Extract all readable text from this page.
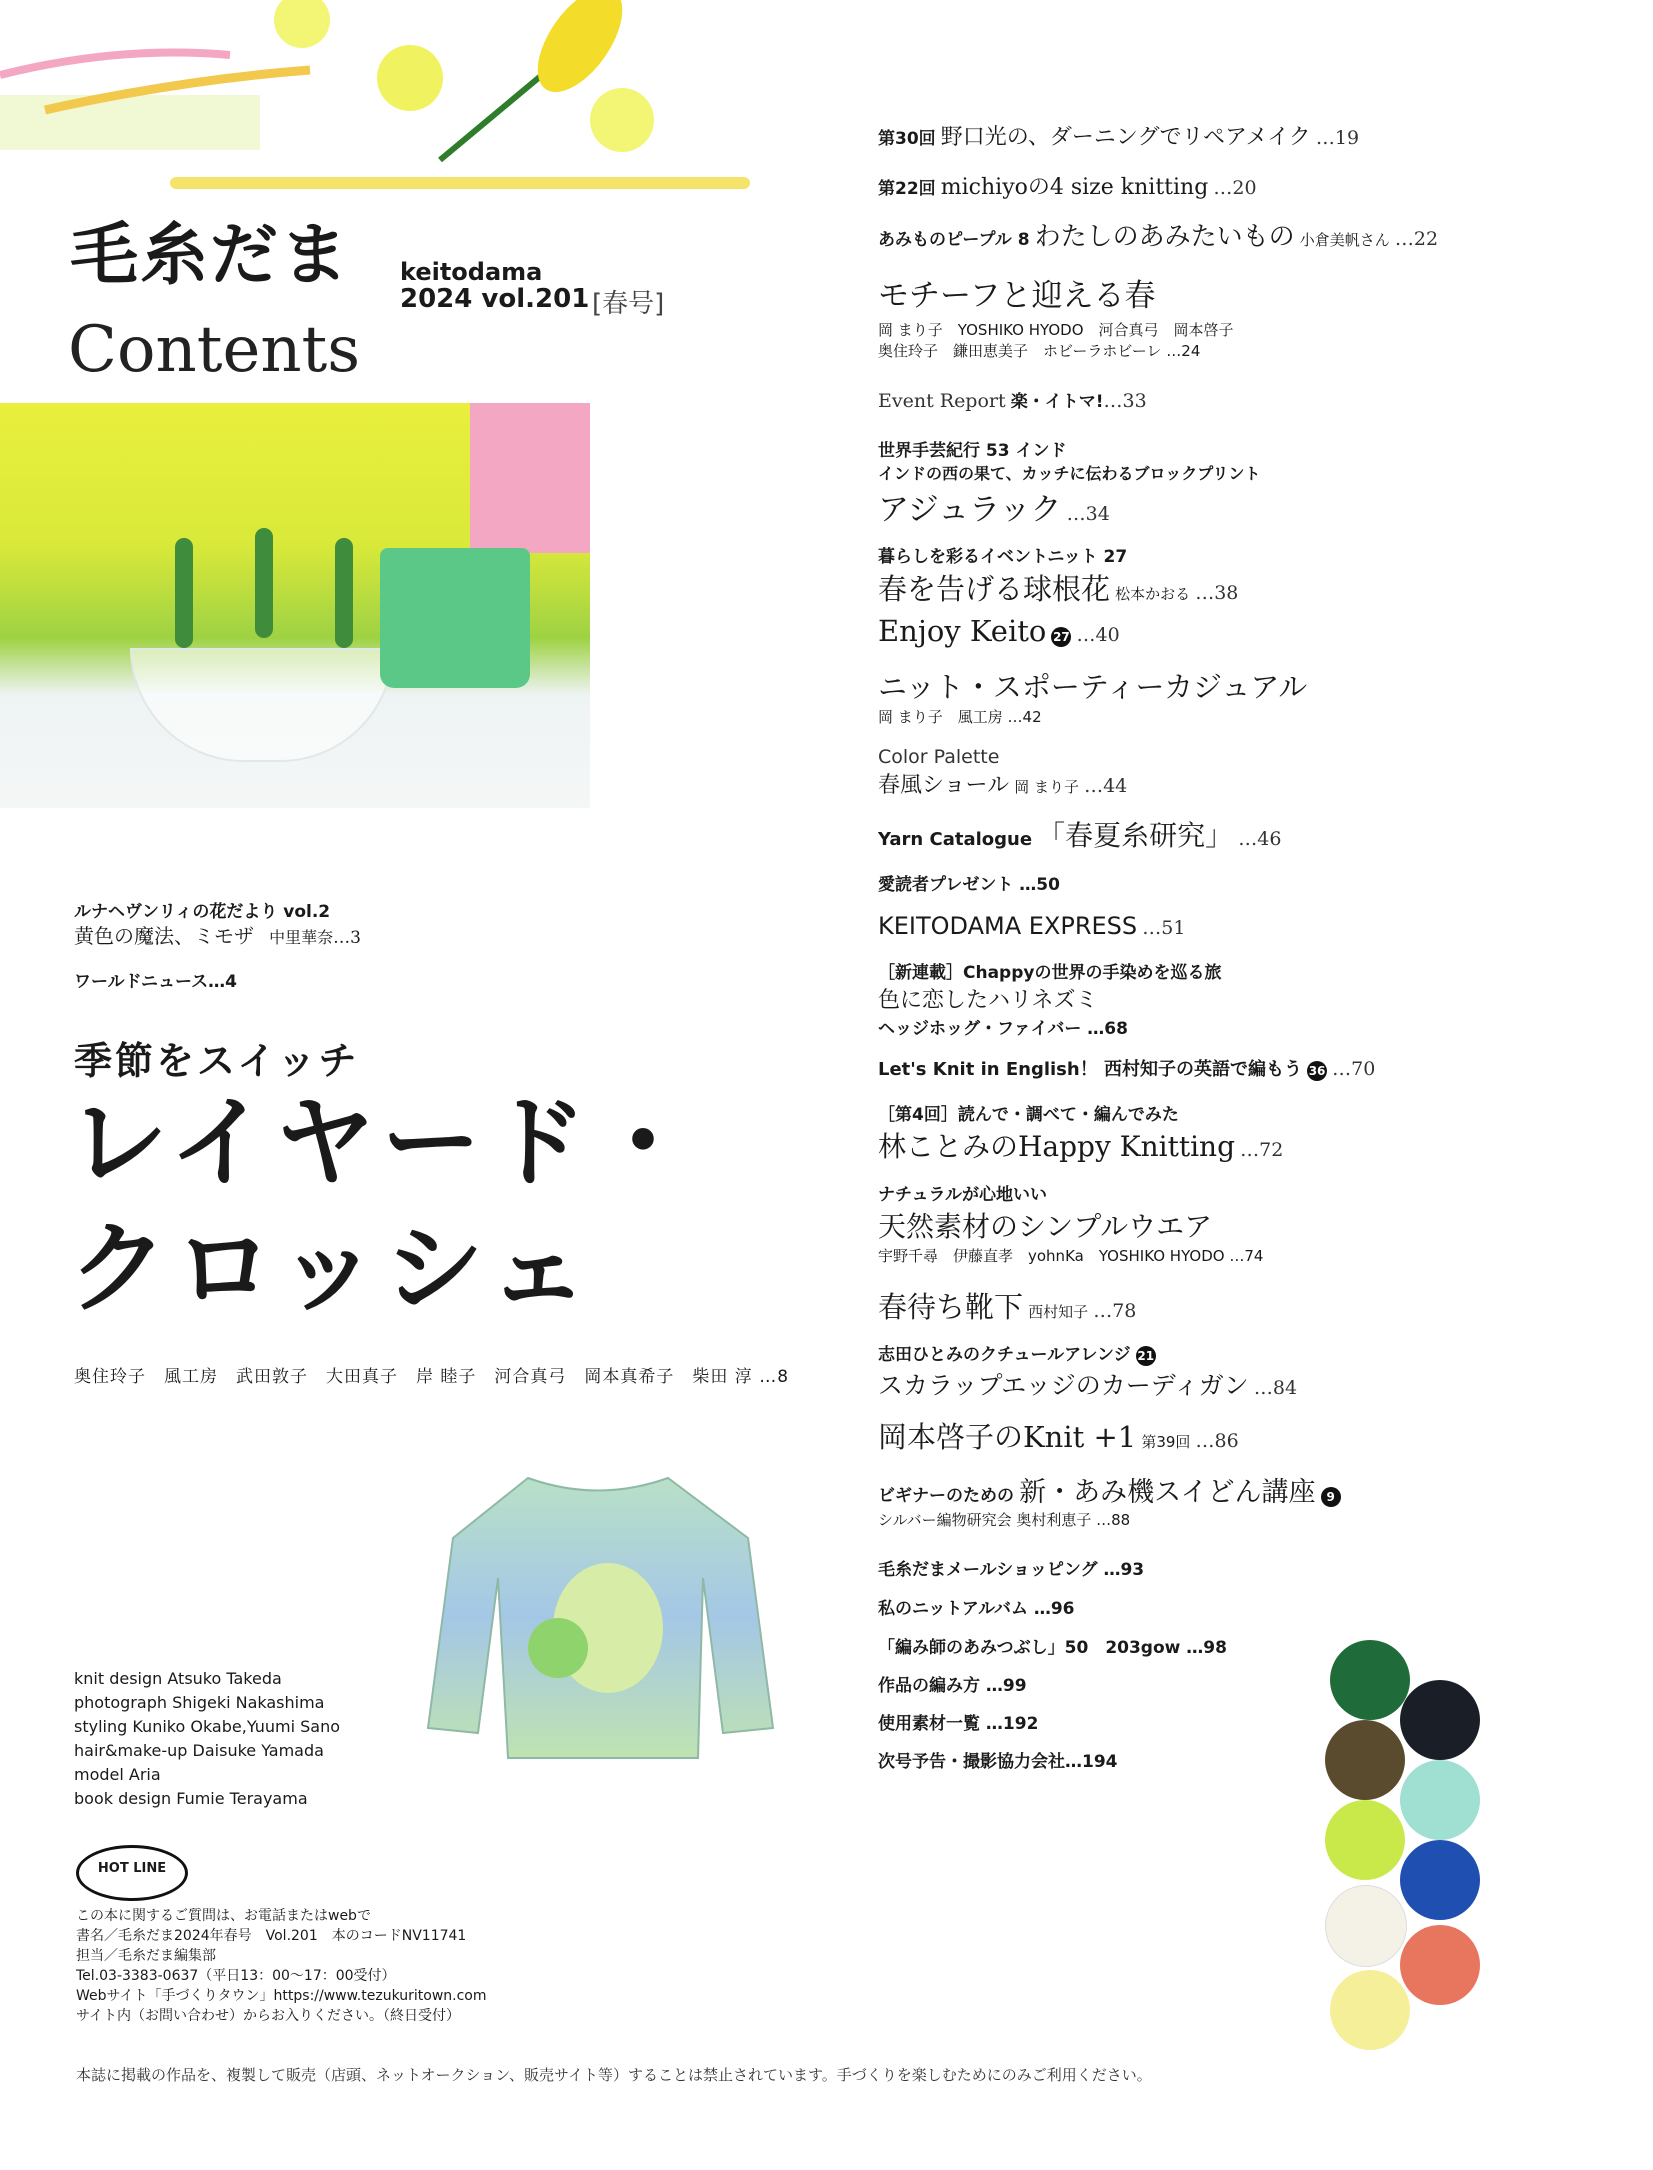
毛糸だま keitodama
2024 vol.201 [春号]
Contents
ルナヘヴンリィの花だより vol.2
黄色の魔法、ミモザ 中里華奈…3
ワールドニュース…4
季節をスイッチ
レイヤード・
クロッシェ
奥住玲子　風工房　武田敦子　大田真子　岸 睦子　河合真弓　岡本真希子　柴田 淳 …8
knit design Atsuko Takeda
photograph Shigeki Nakashima
styling Kuniko Okabe,Yuumi Sano
hair&make-up Daisuke Yamada
model Aria
book design Fumie Terayama
HOT LINE
この本に関するご質問は、お電話またはwebで
書名／毛糸だま2024年春号　Vol.201　本のコードNV11741
担当／毛糸だま編集部
Tel.03-3383-0637（平日13：00～17：00受付）
Webサイト「手づくりタウン」https://www.tezukuritown.com
サイト内（お問い合わせ）からお入りください。（終日受付）
本誌に掲載の作品を、複製して販売（店頭、ネットオークション、販売サイト等）することは禁止されています。手づくりを楽しむためにのみご利用ください。
第30回 野口光の、ダーニングでリペアメイク …19
第22回 michiyoの4 size knitting …20
あみものピープル 8 わたしのあみたいもの 小倉美帆さん …22
モチーフと迎える春
岡 まり子　YOSHIKO HYODO　河合真弓　岡本啓子
奥住玲子　鎌田恵美子　ホビーラホビーレ …24
Event Report 楽・イトマ!…33
世界手芸紀行 53 インド
インドの西の果て、カッチに伝わるブロックプリント
アジュラック …34
暮らしを彩るイベントニット 27
春を告げる球根花 松本かおる …38
Enjoy Keito 27 …40
ニット・スポーティーカジュアル
岡 まり子　風工房 …42
Color Palette
春風ショール 岡 まり子 …44
Yarn Catalogue 「春夏糸研究」 …46
愛読者プレゼント …50
KEITODAMA EXPRESS …51
［新連載］Chappyの世界の手染めを巡る旅
色に恋したハリネズミ
ヘッジホッグ・ファイバー …68
Let's Knit in English！ 西村知子の英語で編もう 36 …70
［第4回］読んで・調べて・編んでみた
林ことみのHappy Knitting …72
ナチュラルが心地いい
天然素材のシンプルウエア
宇野千尋　伊藤直孝　yohnKa　YOSHIKO HYODO …74
春待ち靴下 西村知子 …78
志田ひとみのクチュールアレンジ 21
スカラップエッジのカーディガン …84
岡本啓子のKnit +1 第39回 …86
ビギナーのための 新・あみ機スイどん講座 9
シルバー編物研究会 奥村利恵子 …88
毛糸だまメールショッピング …93
私のニットアルバム …96
「編み師のあみつぶし」50　203gow …98
作品の編み方 …99
使用素材一覧 …192
次号予告・撮影協力会社…194
